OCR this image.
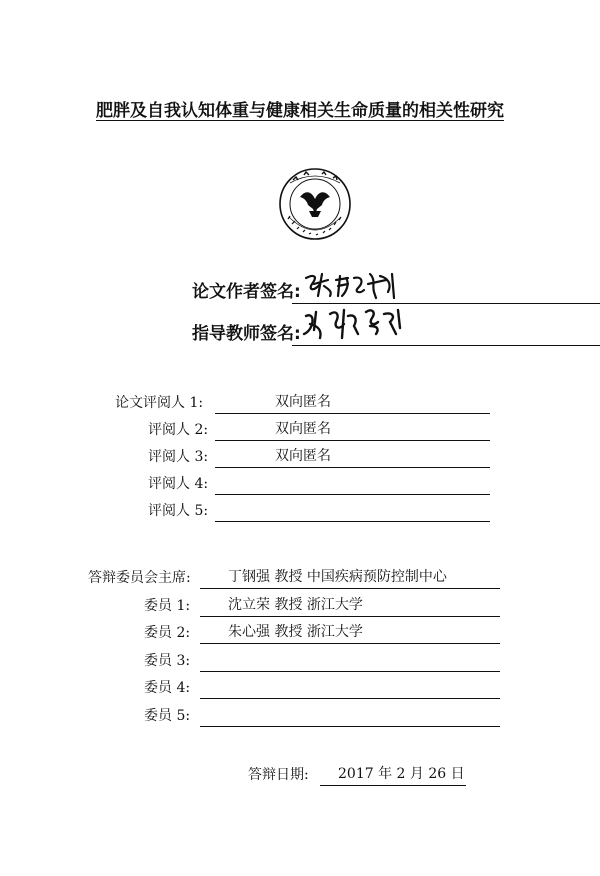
肥胖及自我认知体重与健康相关生命质量的相关性研究
论文作者签名:
指导教师签名:
论文评阅人 1:	双向匿名
评阅人 2:	双向匿名
评阅人 3:	双向匿名
评阅人 4:
评阅人 5:
答辩委员会主席:	丁钢强 教授 中国疾病预防控制中心
委员 1:	沈立荣 教授 浙江大学
委员 2:	朱心强 教授 浙江大学
委员 3:
委员 4:
委员 5:
答辩日期: 2017 年 2 月 26 日
